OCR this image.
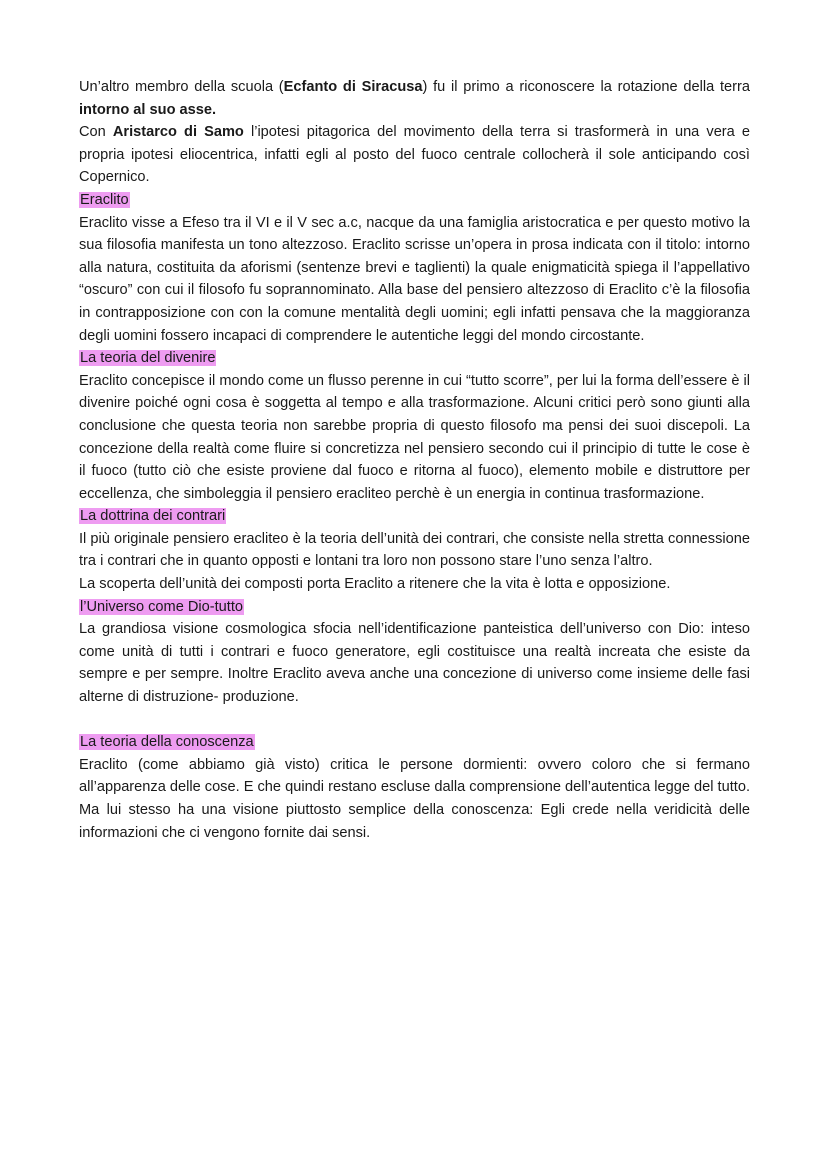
Un’altro membro della scuola (Ecfanto di Siracusa) fu il primo a riconoscere la rotazione della terra intorno al suo asse.

Con Aristarco di Samo l’ipotesi pitagorica del movimento della terra si trasformerà in una vera e propria ipotesi eliocentrica, infatti egli al posto del fuoco centrale collocherà il sole anticipando così Copernico.

Eraclito

Eraclito visse a Efeso tra il VI e il V sec a.c, nacque da una famiglia aristocratica e per questo motivo la sua filosofia manifesta un tono altezzoso. Eraclito scrisse un’opera in prosa indicata con il titolo: intorno alla natura, costituita da aforismi (sentenze brevi e taglienti) la quale enigmaticità spiega il l’appellativo “oscuro” con cui il filosofo fu soprannominato. Alla base del pensiero altezzoso di Eraclito c’è la filosofia in contrapposizione con con la comune mentalità degli uomini; egli infatti pensava che la maggioranza degli uomini fossero incapaci di comprendere le autentiche leggi del mondo circostante.

La teoria del divenire

Eraclito concepisce il mondo come un flusso perenne in cui “tutto scorre”, per lui la forma dell’essere è il divenire poiché ogni cosa è soggetta al tempo e alla trasformazione. Alcuni critici però sono giunti alla conclusione che questa teoria non sarebbe propria di questo filosofo ma pensi dei suoi discepoli. La concezione della realtà come fluire si concretizza nel pensiero secondo cui il principio di tutte le cose è il fuoco (tutto ciò che esiste proviene dal fuoco e ritorna al fuoco), elemento mobile e distruttore per eccellenza, che simboleggia il pensiero eracliteo perchè è un energia in continua trasformazione.

La dottrina dei contrari

Il più originale pensiero eracliteo è la teoria dell’unità dei contrari, che consiste nella stretta connessione tra i contrari che in quanto opposti e lontani tra loro non possono stare l’uno senza l’altro.

La scoperta dell’unità dei composti porta Eraclito a ritenere che la vita è lotta e opposizione.

l’Universo come Dio-tutto

La grandiosa visione cosmologica sfocia nell’identificazione panteistica dell’universo con Dio: inteso come unità di tutti i contrari e fuoco generatore, egli costituisce una realtà increata che esiste da sempre e per sempre. Inoltre Eraclito aveva anche una concezione di universo come insieme delle fasi alterne di distruzione- produzione.

La teoria della conoscenza

Eraclito (come abbiamo già visto) critica le persone dormienti: ovvero coloro che si fermano all’apparenza delle cose. E che quindi restano escluse dalla comprensione dell’autentica legge del tutto. Ma lui stesso ha una visione piuttosto semplice della conoscenza: Egli crede nella veridicità delle informazioni che ci vengono fornite dai sensi.
